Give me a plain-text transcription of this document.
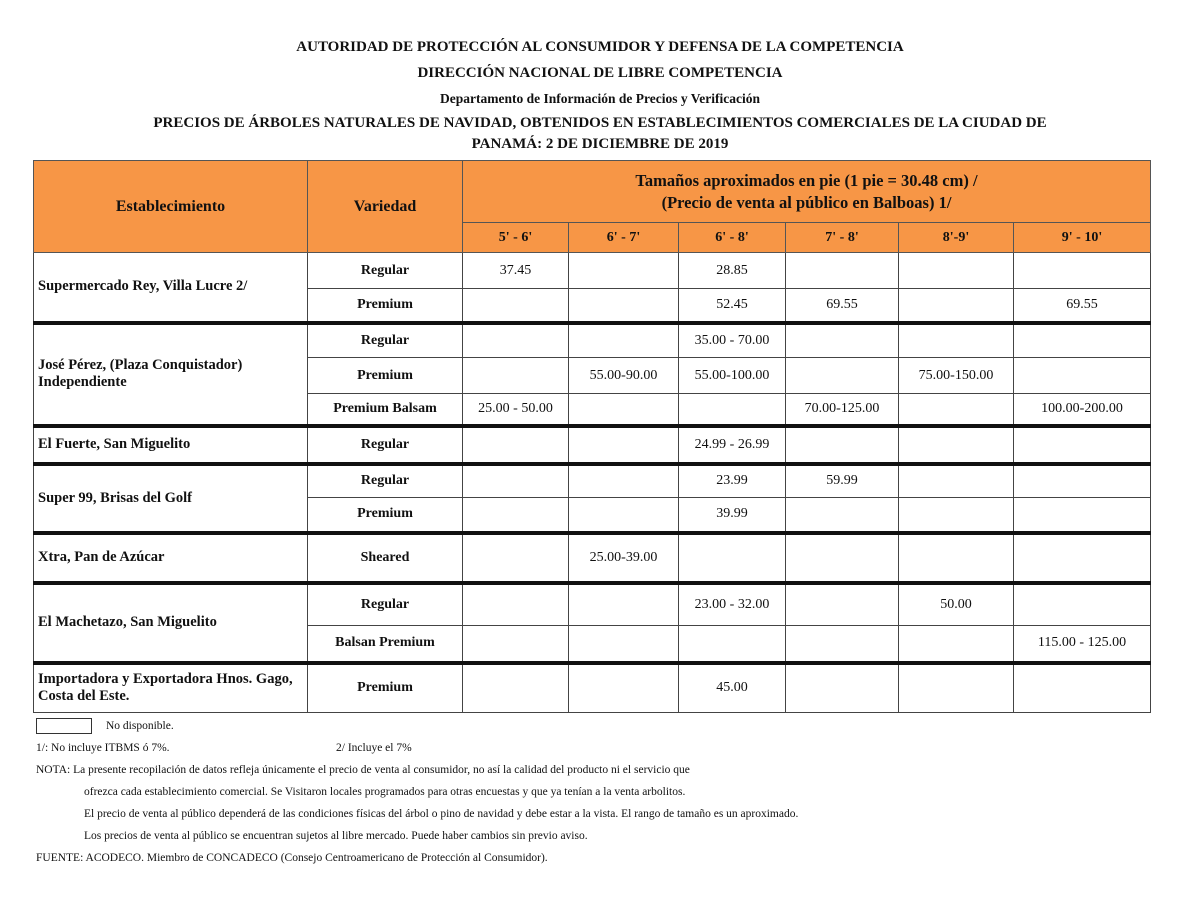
AUTORIDAD DE PROTECCIÓN AL CONSUMIDOR Y DEFENSA DE LA COMPETENCIA
DIRECCIÓN NACIONAL DE LIBRE COMPETENCIA
Departamento de Información de Precios y Verificación
PRECIOS DE ÁRBOLES NATURALES DE NAVIDAD, OBTENIDOS EN ESTABLECIMIENTOS COMERCIALES DE LA CIUDAD DE
PANAMÁ: 2 DE DICIEMBRE DE 2019
Establecimiento	Variedad	Tamaños aproximados en pie (1 pie = 30.48 cm) /
(Precio de venta al público en Balboas) 1/					

		5' - 6'	6' - 7'	6' - 8'	7' - 8'	8'-9'	9' - 10'
Supermercado Rey, Villa Lucre 2/	Regular	37.45		28.85			
	Premium			52.45	69.55		69.55
José Pérez, (Plaza Conquistador) Independiente	Regular			35.00 - 70.00			
	Premium		55.00-90.00	55.00-100.00		75.00-150.00	
	Premium Balsam	25.00 - 50.00			70.00-125.00		100.00-200.00
El Fuerte, San Miguelito	Regular			24.99 - 26.99			
Super 99, Brisas del Golf	Regular			23.99	59.99		
	Premium			39.99			
Xtra, Pan de Azúcar	Sheared		25.00-39.00				
El Machetazo, San Miguelito	Regular			23.00 - 32.00		50.00	
	Balsan Premium						115.00 - 125.00
Importadora y Exportadora Hnos. Gago, Costa del Este.	Premium			45.00			
No disponible.
1/: No incluye ITBMS ó 7%.	2/ Incluye el 7%
NOTA: La presente recopilación de datos refleja únicamente el precio de venta al consumidor, no así la calidad del producto ni el servicio que
ofrezca cada establecimiento comercial. Se Visitaron locales programados para otras encuestas y que ya tenían a la venta arbolitos.
El precio de venta al público dependerá de las condiciones físicas del árbol o pino de navidad y debe estar a la vista. El rango de tamaño es un aproximado.
Los precios de venta al público se encuentran sujetos al libre mercado. Puede haber cambios sin previo aviso.
FUENTE: ACODECO. Miembro de CONCADECO (Consejo Centroamericano de Protección al Consumidor).
